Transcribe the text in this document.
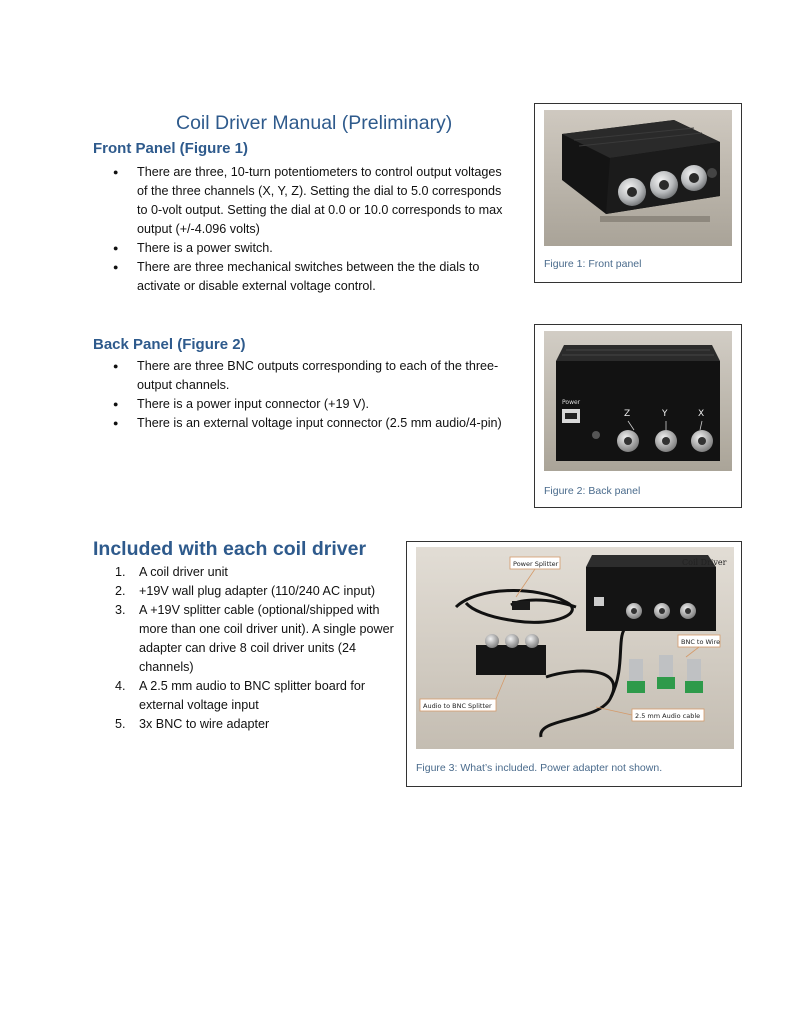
Coil Driver Manual (Preliminary)
Front Panel (Figure 1)
● There are three, 10-turn potentiometers to control output voltages of the three channels (X, Y, Z). Setting the dial to 5.0 corresponds to 0-volt output. Setting the dial at 0.0 or 10.0 corresponds to max output (+/-4.096 volts)
● There is a power switch.
● There are three mechanical switches between the the dials to activate or disable external voltage control.
Figure 1: Front panel
Back Panel (Figure 2)
● There are three BNC outputs corresponding to each of the three-output channels.
● There is a power input connector (+19 V).
● There is an external voltage input connector (2.5 mm audio/4-pin)
Power
Z	Y	X
Figure 2: Back panel
Included with each coil driver
1. A coil driver unit
2. +19V wall plug adapter (110/240 AC input)
3. A +19V splitter cable (optional/shipped with more than one coil driver unit). A single power adapter can drive 8 coil driver units (24 channels)
4. A 2.5 mm audio to BNC splitter board for external voltage input
5. 3x BNC to wire adapter
Power Splitter	Coil Driver
BNC to Wire
Audio to BNC Splitter
2.5 mm Audio cable
Figure 3: What’s included. Power adapter not shown.
